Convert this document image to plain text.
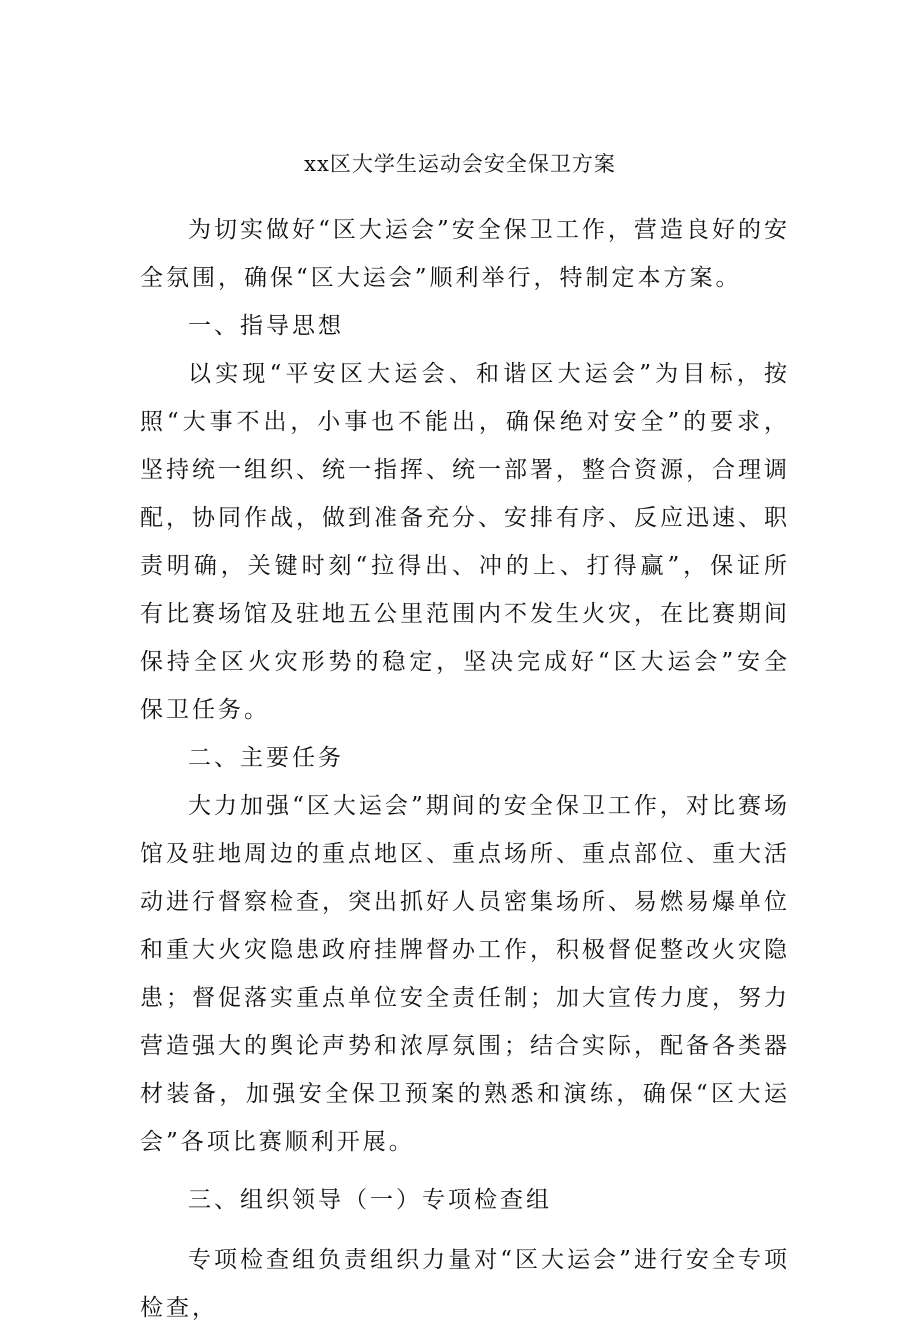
xx区大学生运动会安全保卫方案

为切实做好“区大运会”安全保卫工作，营造良好的安全氛围，确保“区大运会”顺利举行，特制定本方案。

一、指导思想

以实现“平安区大运会、和谐区大运会”为目标，按照“大事不出，小事也不能出，确保绝对安全”的要求，坚持统一组织、统一指挥、统一部署，整合资源，合理调配，协同作战，做到准备充分、安排有序、反应迅速、职责明确，关键时刻“拉得出、冲的上、打得赢”，保证所有比赛场馆及驻地五公里范围内不发生火灾，在比赛期间保持全区火灾形势的稳定，坚决完成好“区大运会”安全保卫任务。

二、主要任务

大力加强“区大运会”期间的安全保卫工作，对比赛场馆及驻地周边的重点地区、重点场所、重点部位、重大活动进行督察检查，突出抓好人员密集场所、易燃易爆单位和重大火灾隐患政府挂牌督办工作，积极督促整改火灾隐患；督促落实重点单位安全责任制；加大宣传力度，努力营造强大的舆论声势和浓厚氛围；结合实际，配备各类器材装备，加强安全保卫预案的熟悉和演练，确保“区大运会”各项比赛顺利开展。

三、组织领导（一）专项检查组

专项检查组负责组织力量对“区大运会”进行安全专项检查，
